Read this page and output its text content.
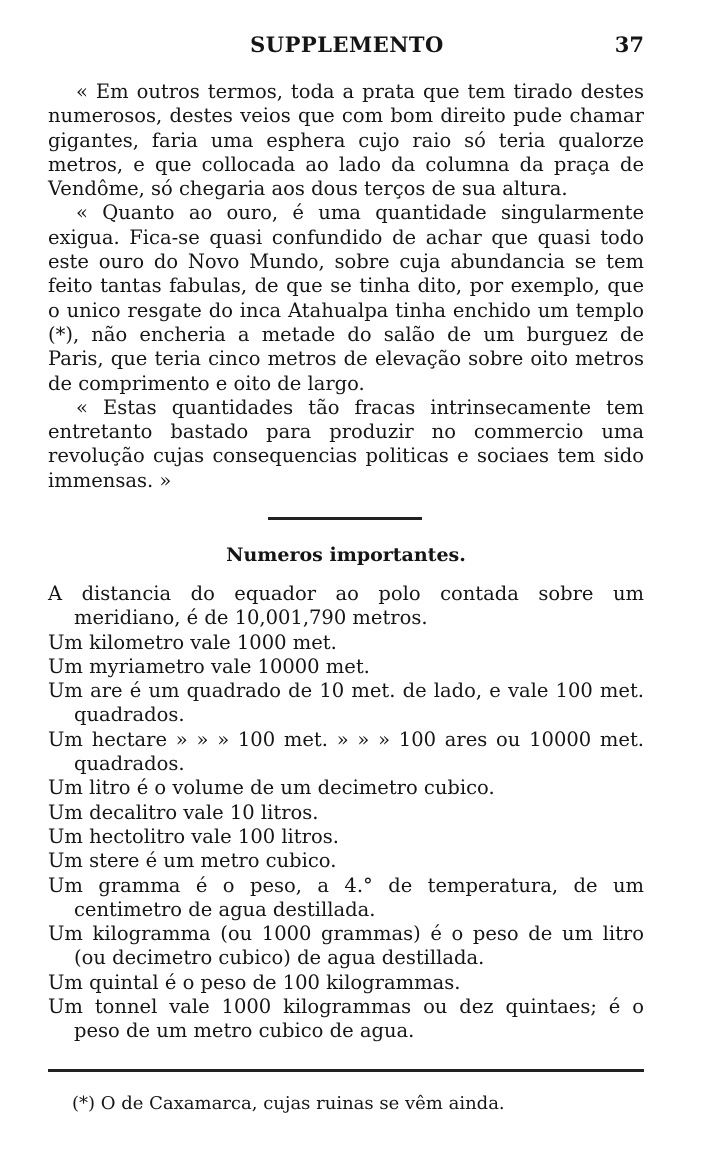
SUPPLEMENTO	37

« Em outros termos, toda a prata que tem tirado destes numerosos, destes veios que com bom direito pude chamar gigantes, faria uma esphera cujo raio só teria qualorze metros, e que collocada ao lado da columna da praça de Vendôme, só chegaria aos dous terços de sua altura.

« Quanto ao ouro, é uma quantidade singularmente exigua. Fica-se quasi confundido de achar que quasi todo este ouro do Novo Mundo, sobre cuja abundancia se tem feito tantas fabulas, de que se tinha dito, por exemplo, que o unico resgate do inca Atahualpa tinha enchido um templo (*), não encheria a metade do salão de um burguez de Paris, que teria cinco metros de elevação sobre oito metros de comprimento e oito de largo.

« Estas quantidades tão fracas intrinsecamente tem entretanto bastado para produzir no commercio uma revolução cujas consequencias politicas e sociaes tem sido immensas. »

Numeros importantes.

A distancia do equador ao polo contada sobre um meridiano, é de 10,001,790 metros.

Um kilometro vale 1000 met.

Um myriametro vale 10000 met.

Um are é um quadrado de 10 met. de lado, e vale 100 met. quadrados.

Um hectare » » » 100 met. » » » 100 ares ou 10000 met. quadrados.

Um litro é o volume de um decimetro cubico.

Um decalitro vale 10 litros.

Um hectolitro vale 100 litros.

Um stere é um metro cubico.

Um gramma é o peso, a 4.° de temperatura, de um centimetro de agua destillada.

Um kilogramma (ou 1000 grammas) é o peso de um litro (ou decimetro cubico) de agua destillada.

Um quintal é o peso de 100 kilogrammas.

Um tonnel vale 1000 kilogrammas ou dez quintaes; é o peso de um metro cubico de agua.

(*) O de Caxamarca, cujas ruinas se vêm ainda.
